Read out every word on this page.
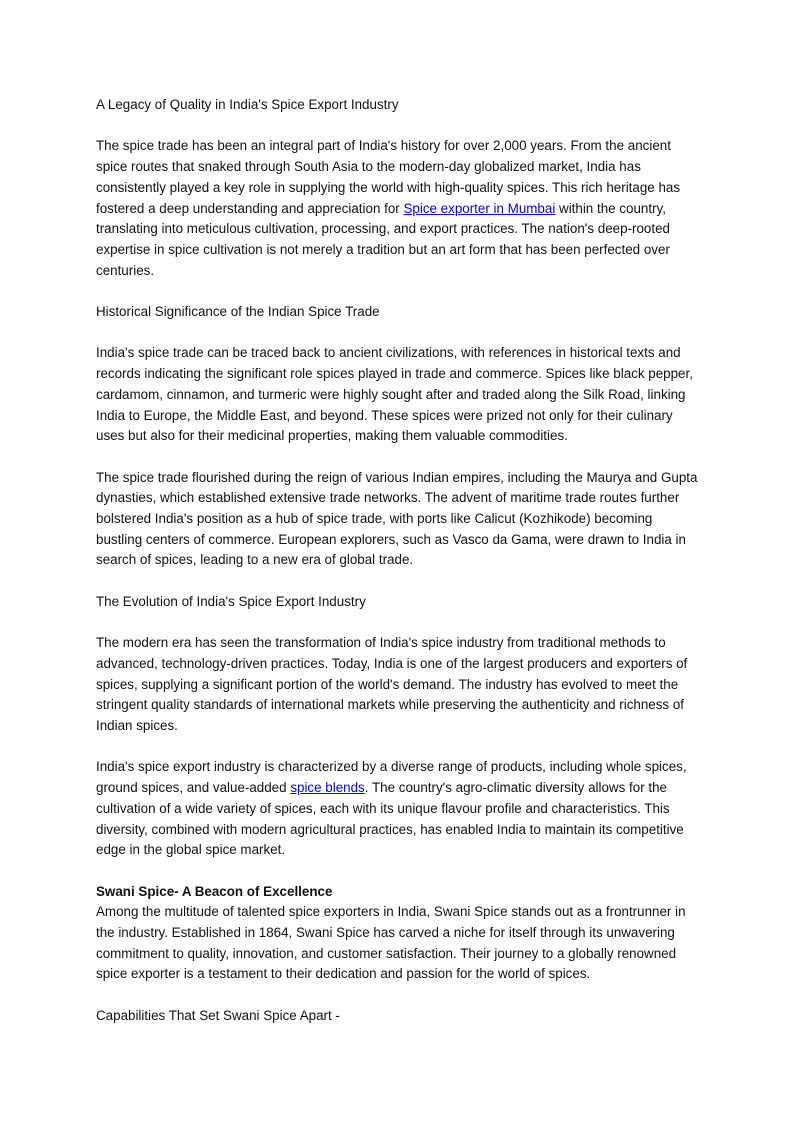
A Legacy of Quality in India's Spice Export Industry

The spice trade has been an integral part of India's history for over 2,000 years. From the ancient spice routes that snaked through South Asia to the modern-day globalized market, India has consistently played a key role in supplying the world with high-quality spices. This rich heritage has fostered a deep understanding and appreciation for Spice exporter in Mumbai within the country, translating into meticulous cultivation, processing, and export practices. The nation's deep-rooted expertise in spice cultivation is not merely a tradition but an art form that has been perfected over centuries.

Historical Significance of the Indian Spice Trade

India's spice trade can be traced back to ancient civilizations, with references in historical texts and records indicating the significant role spices played in trade and commerce. Spices like black pepper, cardamom, cinnamon, and turmeric were highly sought after and traded along the Silk Road, linking India to Europe, the Middle East, and beyond. These spices were prized not only for their culinary uses but also for their medicinal properties, making them valuable commodities.

The spice trade flourished during the reign of various Indian empires, including the Maurya and Gupta dynasties, which established extensive trade networks. The advent of maritime trade routes further bolstered India's position as a hub of spice trade, with ports like Calicut (Kozhikode) becoming bustling centers of commerce. European explorers, such as Vasco da Gama, were drawn to India in search of spices, leading to a new era of global trade.

The Evolution of India's Spice Export Industry

The modern era has seen the transformation of India's spice industry from traditional methods to advanced, technology-driven practices. Today, India is one of the largest producers and exporters of spices, supplying a significant portion of the world's demand. The industry has evolved to meet the stringent quality standards of international markets while preserving the authenticity and richness of Indian spices.

India's spice export industry is characterized by a diverse range of products, including whole spices, ground spices, and value-added spice blends. The country's agro-climatic diversity allows for the cultivation of a wide variety of spices, each with its unique flavour profile and characteristics. This diversity, combined with modern agricultural practices, has enabled India to maintain its competitive edge in the global spice market.

Swani Spice- A Beacon of Excellence

Among the multitude of talented spice exporters in India, Swani Spice stands out as a frontrunner in the industry. Established in 1864, Swani Spice has carved a niche for itself through its unwavering commitment to quality, innovation, and customer satisfaction. Their journey to a globally renowned spice exporter is a testament to their dedication and passion for the world of spices.

Capabilities That Set Swani Spice Apart -
